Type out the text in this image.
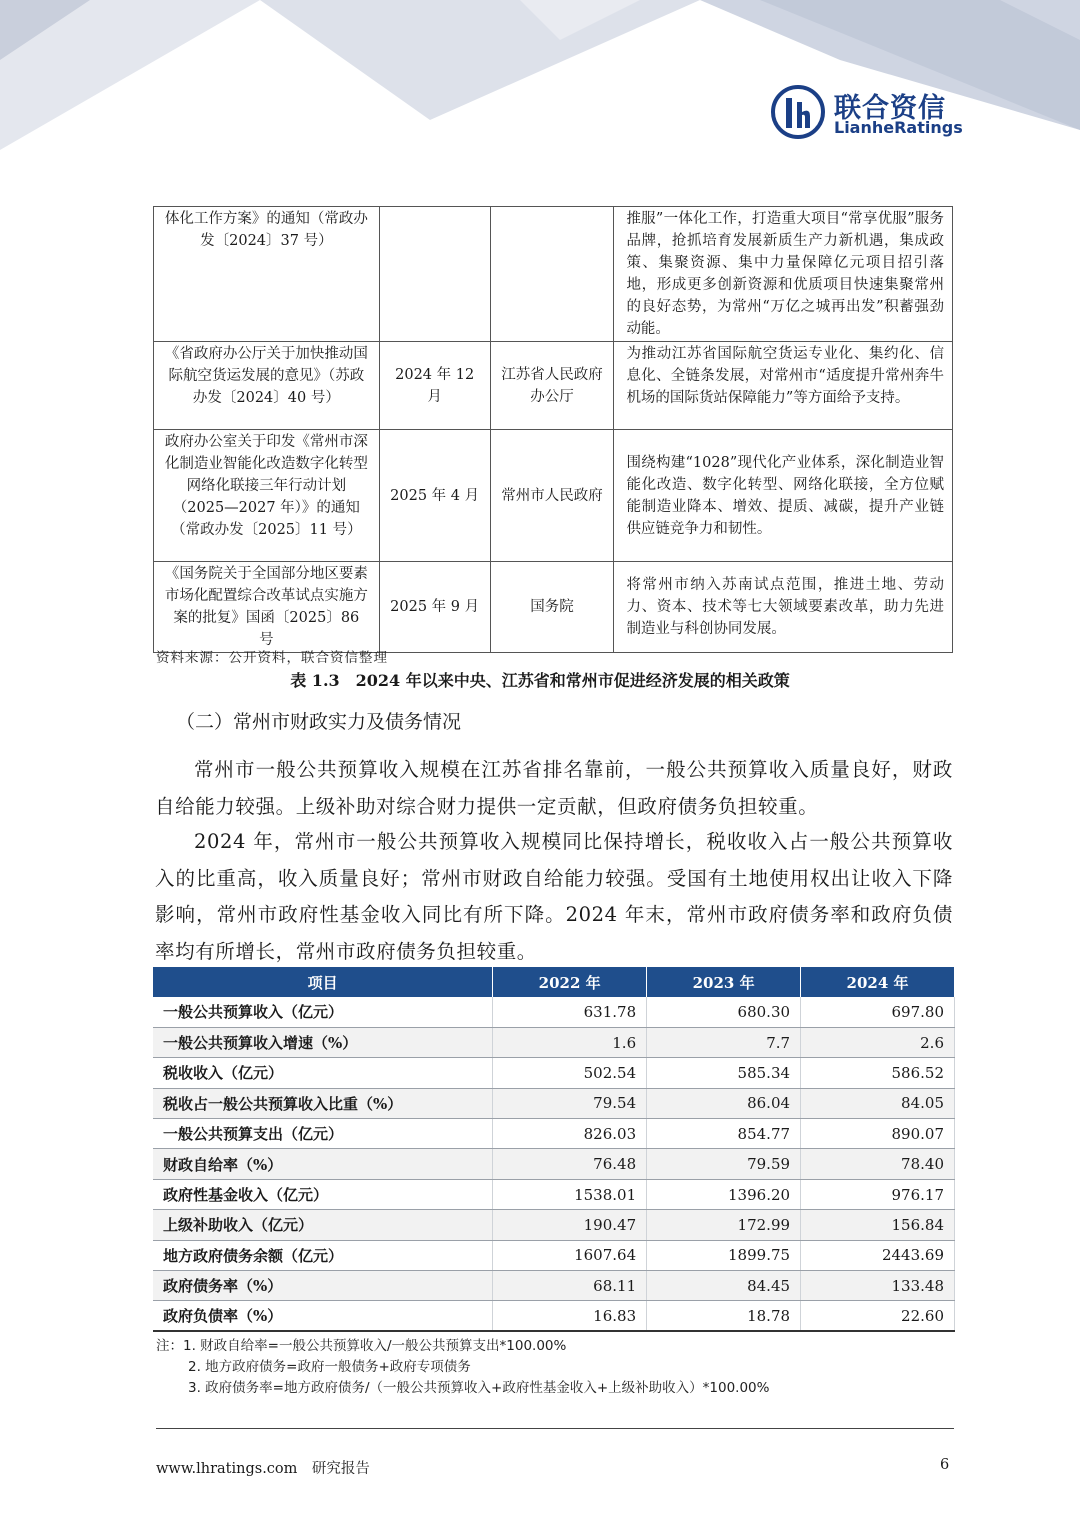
联合资信
LianheRatings
体化工作方案》的通知（常政办发〔2024〕37 号）			推服”一体化工作，打造重大项目“常享优服”服务品牌，抢抓培育发展新质生产力新机遇，集成政策、集聚资源、集中力量保障亿元项目招引落地，形成更多创新资源和优质项目快速集聚常州的良好态势，为常州“万亿之城再出发”积蓄强劲动能。
《省政府办公厅关于加快推动国际航空货运发展的意见》（苏政办发〔2024〕40 号）	2024 年 12 月	江苏省人民政府办公厅	为推动江苏省国际航空货运专业化、集约化、信息化、全链条发展，对常州市“适度提升常州奔牛机场的国际货站保障能力”等方面给予支持。
政府办公室关于印发《常州市深化制造业智能化改造数字化转型网络化联接三年行动计划（2025—2027 年）》的通知（常政办发〔2025〕11 号）	2025 年 4 月	常州市人民政府	围绕构建“1028”现代化产业体系，深化制造业智能化改造、数字化转型、网络化联接，全方位赋能制造业降本、增效、提质、减碳，提升产业链供应链竞争力和韧性。
《国务院关于全国部分地区要素市场化配置综合改革试点实施方案的批复》国函〔2025〕86 号	2025 年 9 月	国务院	将常州市纳入苏南试点范围，推进土地、劳动力、资本、技术等七大领域要素改革，助力先进制造业与科创协同发展。
资料来源：公开资料，联合资信整理
表 1.3　2024 年以来中央、江苏省和常州市促进经济发展的相关政策
（二）常州市财政实力及债务情况

常州市一般公共预算收入规模在江苏省排名靠前，一般公共预算收入质量良好，财政自给能力较强。上级补助对综合财力提供一定贡献，但政府债务负担较重。

2024 年，常州市一般公共预算收入规模同比保持增长，税收收入占一般公共预算收入的比重高，收入质量良好；常州市财政自给能力较强。受国有土地使用权出让收入下降影响，常州市政府性基金收入同比有所下降。2024 年末，常州市政府债务率和政府负债率均有所增长，常州市政府债务负担较重。

项目	2022 年	2023 年	2024 年
一般公共预算收入（亿元）	631.78	680.30	697.80
一般公共预算收入增速（%）	1.6	7.7	2.6
税收收入（亿元）	502.54	585.34	586.52
税收占一般公共预算收入比重（%）	79.54	86.04	84.05
一般公共预算支出（亿元）	826.03	854.77	890.07
财政自给率（%）	76.48	79.59	78.40
政府性基金收入（亿元）	1538.01	1396.20	976.17
上级补助收入（亿元）	190.47	172.99	156.84
地方政府债务余额（亿元）	1607.64	1899.75	2443.69
政府债务率（%）	68.11	84.45	133.48
政府负债率（%）	16.83	18.78	22.60
注：1. 财政自给率=一般公共预算收入/一般公共预算支出*100.00%
2. 地方政府债务=政府一般债务+政府专项债务
3. 政府债务率=地方政府债务/（一般公共预算收入+政府性基金收入+上级补助收入）*100.00%
www.lhratings.com　研究报告	6
